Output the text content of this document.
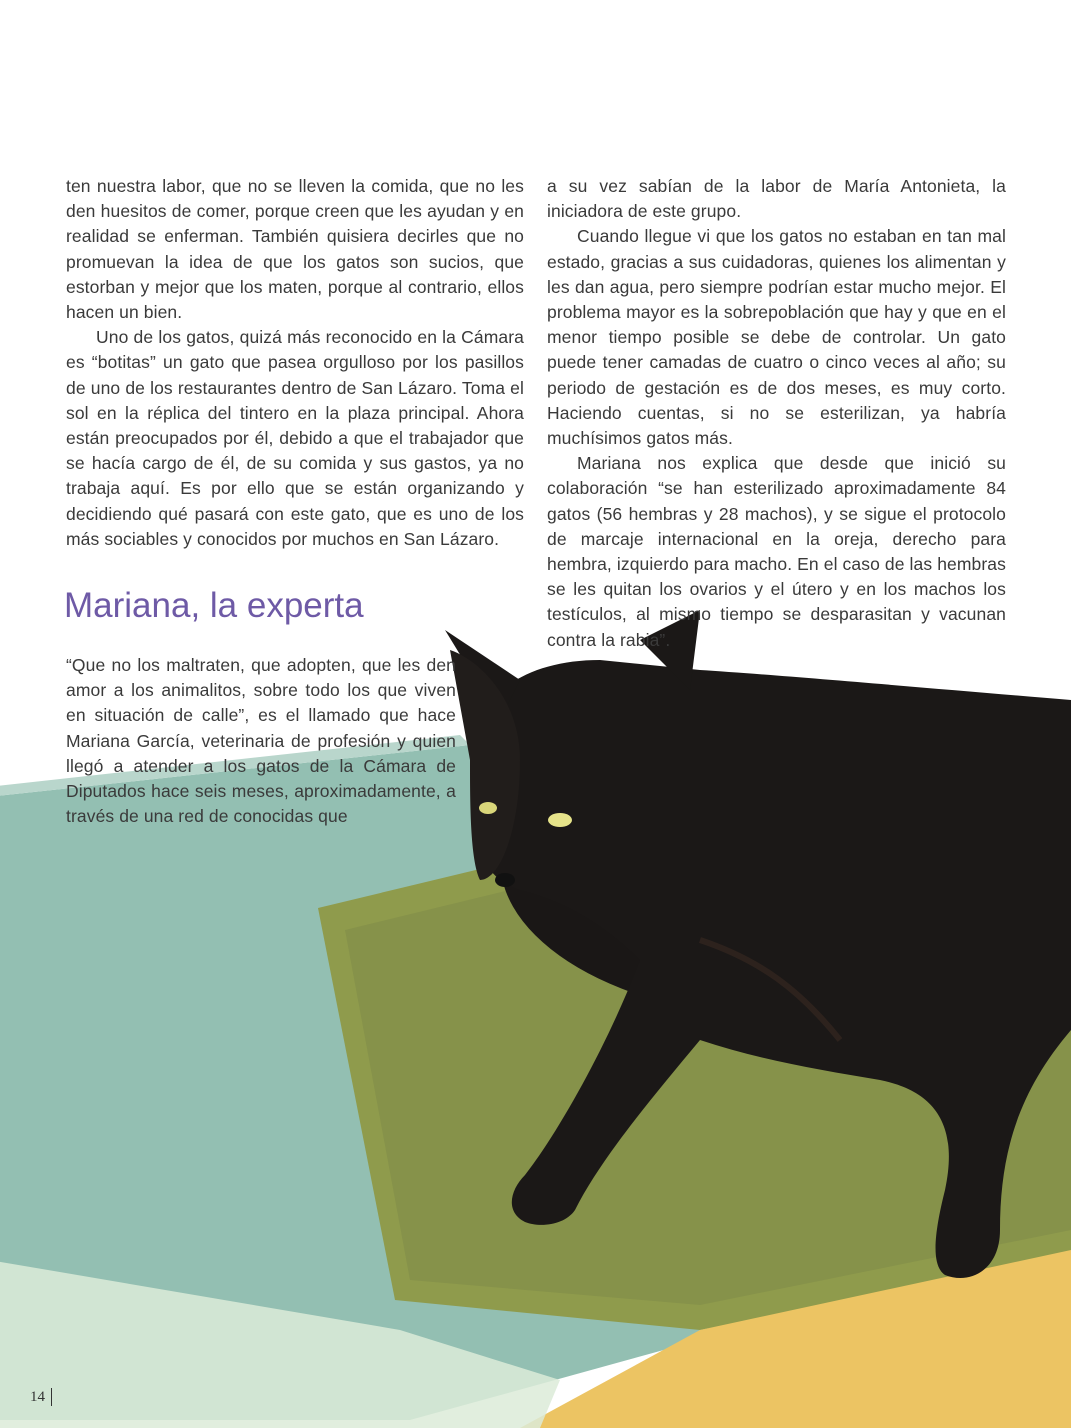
ten nuestra labor, que no se lleven la comida, que no les den huesitos de comer, porque creen que les ayudan y en realidad se enferman. También quisiera decirles que no promuevan la idea de que los gatos son sucios, que estorban y mejor que los maten, porque al contrario, ellos hacen un bien.

Uno de los gatos, quizá más reconocido en la Cámara es “botitas” un gato que pasea orgulloso por los pasillos de uno de los restaurantes dentro de San Lázaro. Toma el sol en la réplica del tintero en la plaza principal. Ahora están preocupados por él, debido a que el trabajador que se hacía cargo de él, de su comida y sus gastos, ya no trabaja aquí. Es por ello que se están organizando y decidiendo qué pasará con este gato, que es uno de los más sociables y conocidos por muchos en San Lázaro.

Mariana, la experta

“Que no los maltraten, que adopten, que les den amor a los animalitos, sobre todo los que viven en situación de calle”, es el llamado que hace Mariana García, veterinaria de profesión y quien llegó a atender a los gatos de la Cámara de Diputados hace seis meses, aproximadamente, a través de una red de conocidas que

a su vez sabían de la labor de María Antonieta, la iniciadora de este grupo.

Cuando llegue vi que los gatos no estaban en tan mal estado, gracias a sus cuidadoras, quienes los alimentan y les dan agua, pero siempre podrían estar mucho mejor. El problema mayor es la sobrepoblación que hay y que en el menor tiempo posible se debe de controlar. Un gato puede tener camadas de cuatro o cinco veces al año; su periodo de gestación es de dos meses, es muy corto. Haciendo cuentas, si no se esterilizan, ya habría muchísimos gatos más.

Mariana nos explica que desde que inició su colaboración “se han esterilizado aproximadamente 84 gatos (56 hembras y 28 machos), y se sigue el protocolo de marcaje internacional en la oreja, derecho para hembra, izquierdo para macho. En el caso de las hembras se les quitan los ovarios y el útero y en los machos los testículos, al mismo tiempo se desparasitan y vacunan contra la rabia”.

14
